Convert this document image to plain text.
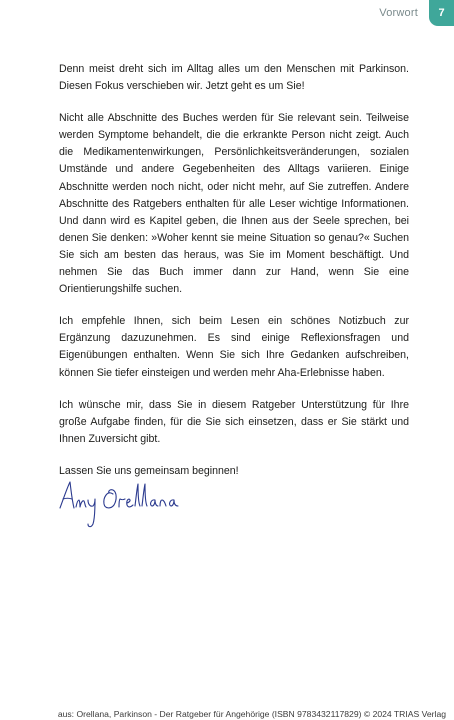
Vorwort 7

Denn meist dreht sich im Alltag alles um den Menschen mit Parkinson. Diesen Fokus verschieben wir. Jetzt geht es um Sie!

Nicht alle Abschnitte des Buches werden für Sie relevant sein. Teilweise werden Symptome behandelt, die die erkrankte Person nicht zeigt. Auch die Medikamentenwirkungen, Persönlichkeitsveränderungen, sozialen Umstände und andere Gegebenheiten des Alltags variieren. Einige Abschnitte werden noch nicht, oder nicht mehr, auf Sie zutreffen. Andere Abschnitte des Ratgebers enthalten für alle Leser wichtige Informationen. Und dann wird es Kapitel geben, die Ihnen aus der Seele sprechen, bei denen Sie denken: »Woher kennt sie meine Situation so genau?« Suchen Sie sich am besten das heraus, was Sie im Moment beschäftigt. Und nehmen Sie das Buch immer dann zur Hand, wenn Sie eine Orientierungshilfe suchen.

Ich empfehle Ihnen, sich beim Lesen ein schönes Notizbuch zur Ergänzung dazuzunehmen. Es sind einige Reflexionsfragen und Eigenübungen enthalten. Wenn Sie sich Ihre Gedanken aufschreiben, können Sie tiefer einsteigen und werden mehr Aha-Erlebnisse haben.

Ich wünsche mir, dass Sie in diesem Ratgeber Unterstützung für Ihre große Aufgabe finden, für die Sie sich einsetzen, dass er Sie stärkt und Ihnen Zuversicht gibt.

Lassen Sie uns gemeinsam beginnen!

aus: Orellana, Parkinson - Der Ratgeber für Angehörige (ISBN 9783432117829) © 2024 TRIAS Verlag
